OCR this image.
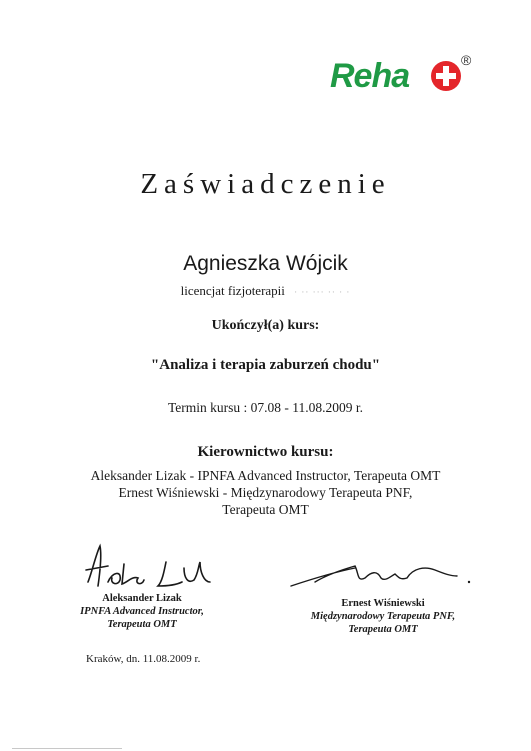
Reha	®
Zaświadczenie
Agnieszka Wójcik
licencjat fizjoterapii · ·· ··· ·· · ·
Ukończył(a) kurs:
"Analiza i terapia zaburzeń chodu"
Termin kursu : 07.08 - 11.08.2009 r.
Kierownictwo kursu:
Aleksander Lizak - IPNFA Advanced Instructor, Terapeuta OMT
Ernest Wiśniewski - Międzynarodowy Terapeuta PNF,
Terapeuta OMT
Aleksander Lizak
IPNFA Advanced Instructor,
Terapeuta OMT
Ernest Wiśniewski
Międzynarodowy Terapeuta PNF,
Terapeuta OMT
Kraków, dn. 11.08.2009 r.
